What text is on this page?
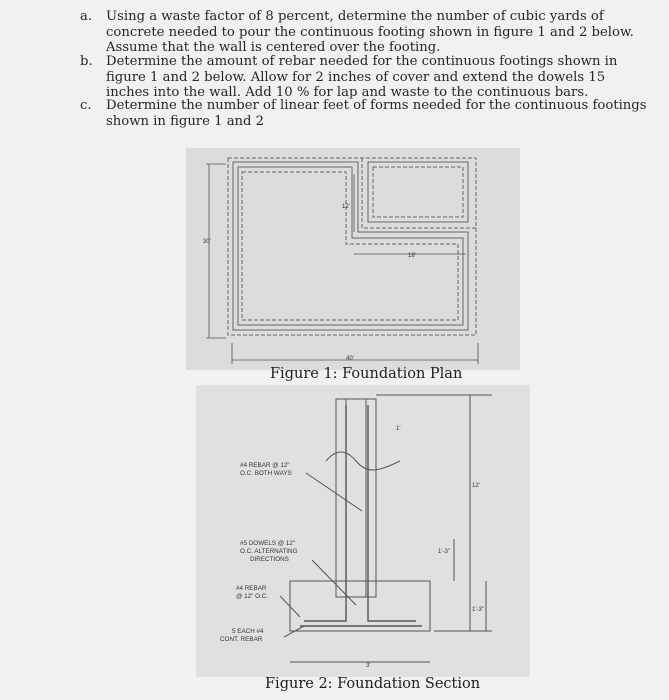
a. Using a waste factor of 8 percent, determine the number of cubic yards of concrete needed to pour the continuous footing shown in figure 1 and 2 below. Assume that the wall is centered over the footing.
b. Determine the amount of rebar needed for the continuous footings shown in figure 1 and 2 below. Allow for 2 inches of cover and extend the dowels 15 inches into the wall. Add 10 % for lap and waste to the continuous bars.
c. Determine the number of linear feet of forms needed for the continuous footings shown in figure 1 and 2
30'
40'
12'
18'
Figure 1: Foundation Plan
1'
12'
1'-3"
1'-3"
3'
#4 REBAR @ 12"
O.C. BOTH WAYS
#5 DOWELS @ 12"
O.C. ALTERNATING
DIRECTIONS
#4 REBAR
@ 12" O.C.
5 EACH #4
CONT. REBAR
Figure 2: Foundation Section
